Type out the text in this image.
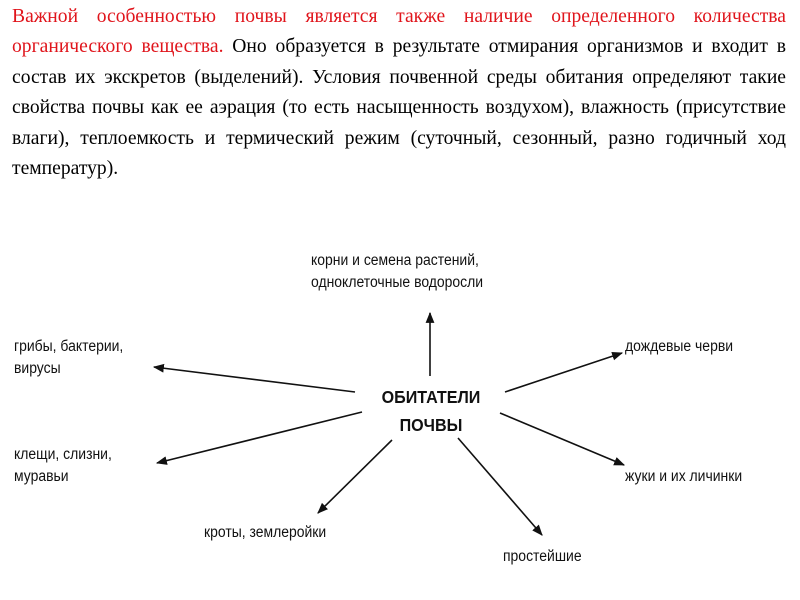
Важной особенностью почвы является также наличие определенного количества органического вещества. Оно образуется в результате отмирания организмов и входит в состав их экскретов (выделений). Условия почвенной среды обитания определяют такие свойства почвы как ее аэрация (то есть насыщенность воздухом), влажность (присутствие влаги), теплоемкость и термический режим (суточный, сезонный, разно годичный ход температур).

ОБИТАТЕЛИ
ПОЧВЫ
корни и семена растений,
одноклеточные водоросли
грибы, бактерии,
вирусы
дождевые черви
клещи, слизни,
муравьи	жуки и их личинки
кроты, землеройки
простейшие
